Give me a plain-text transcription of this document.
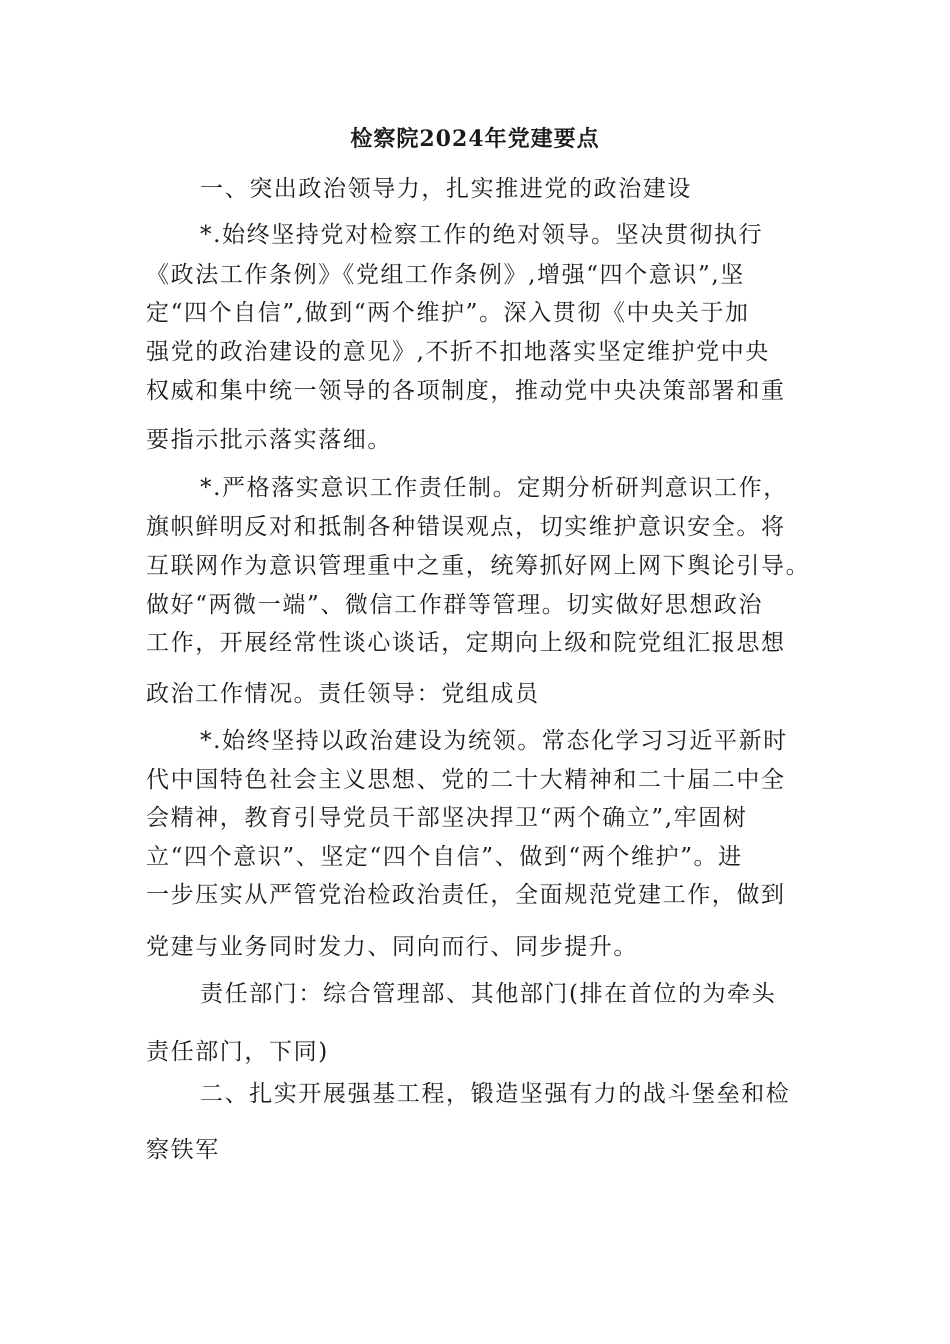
检察院2024年党建要点
一、突出政治领导力，扎实推进党的政治建设
*.始终坚持党对检察工作的绝对领导。坚决贯彻执行
《政法工作条例》《党组工作条例》,增强“四个意识”,坚
定“四个自信”,做到“两个维护”。深入贯彻《中央关于加
强党的政治建设的意见》,不折不扣地落实坚定维护党中央
权威和集中统一领导的各项制度，推动党中央决策部署和重
要指示批示落实落细。
*.严格落实意识工作责任制。定期分析研判意识工作，
旗帜鲜明反对和抵制各种错误观点，切实维护意识安全。将
互联网作为意识管理重中之重，统筹抓好网上网下舆论引导。
做好“两微一端”、微信工作群等管理。切实做好思想政治
工作，开展经常性谈心谈话，定期向上级和院党组汇报思想
政治工作情况。责任领导：党组成员
*.始终坚持以政治建设为统领。常态化学习习近平新时
代中国特色社会主义思想、党的二十大精神和二十届二中全
会精神，教育引导党员干部坚决捍卫“两个确立”,牢固树
立“四个意识”、坚定“四个自信”、做到“两个维护”。进
一步压实从严管党治检政治责任，全面规范党建工作，做到
党建与业务同时发力、同向而行、同步提升。
责任部门：综合管理部、其他部门(排在首位的为牵头
责任部门，下同)
二、扎实开展强基工程，锻造坚强有力的战斗堡垒和检
察铁军
